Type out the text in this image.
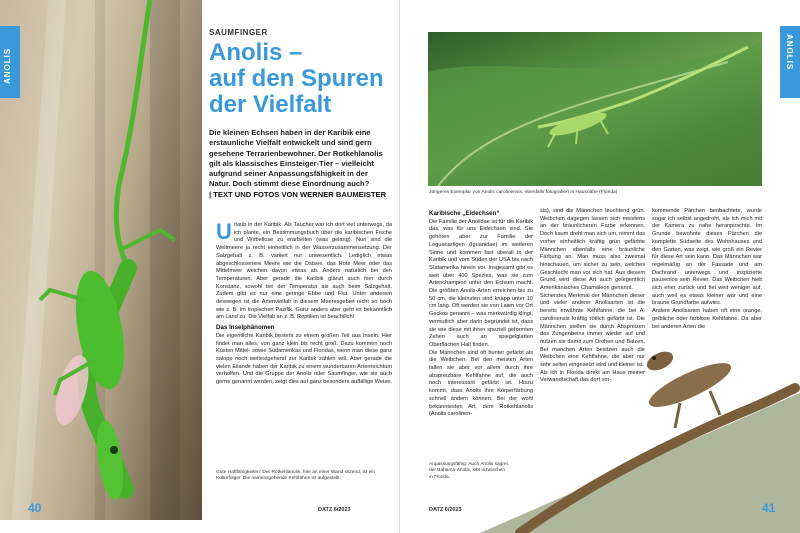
ANOLIS
SAUMFINGER
Anolis –
auf den Spuren
der Vielfalt
Die kleinen Echsen haben in der Karibik eine erstaunliche Vielfalt entwickelt und sind gern gesehene Terrarienbewohner. Der Rotkehlanolis gilt als klassisches Einsteiger-Tier – vielleicht aufgrund seiner Anpassungsfähigkeit in der Natur. Doch stimmt diese Einordnung auch?
| TEXT UND FOTOS VON WERNER BAUMEISTER
U rlaub in der Karibik. Als Taucher war ich dort viel unterwegs, da ich plante, ein Bestimmungsbuch über die karibischen Fische und Wirbellose zu erarbeiten (was gelang). Nun sind die Weltmeere ja recht einheitlich in der Wasserzusammensetzung. Der Salzgehalt z. B. variiert nur unwesentlich. Lediglich etwas abgeschlossenere Meere wie die Ostsee, das Rote Meer oder das Mittelmeer weichen davon etwas ab. Anders natürlich bei den Temperaturen. Aber gerade die Karibik glänzt auch hier durch Konstanz, sowohl bei der Temperatur als auch beim Salzgehalt. Zudem gibt es nur eine geringe Ebbe und Flut. Unter anderem deswegen ist die Artenvielfalt in diesem Meeresgebiet nicht so hoch wie z. B. im tropischen Pazifik. Ganz anders aber geht es bekanntlich am Land zu. Die Vielfalt an z. B. Reptilien ist beachtlich!
Das Inselphänomen
Die eigentliche Karibik besteht zu einem großen Teil aus Inseln. Hier findet man alles, von ganz klein bis recht groß. Dazu kommen noch Küsten Mittel- sowie Südamerikas und Floridas, wenn man diese ganz salopp noch weitestgehend zur Karibik zählen will. Aber gerade die vielen Eilande haben der Karibik zu einem wunderbaren Artenreichtum verholfen. Und die Gruppe der Anolis oder Saumfinger, wie sie auch gerne genannt werden, zeigt dies auf ganz besonders auffällige Weise.
Gute Haftfähigkeiten: Der Rotkehlanolis, hier an einer Wand sitzend, ist ein Kulturfolger. Die namensgebende Kehlfahne ist aufgestellt.
DATZ 6/2023
40
ANOLIS
Jüngeres Exemplar von Anolis carolinensis, ebenfalls fotografiert in Hausnähe (Florida)
Karibische „Eidechsen“
Die Familie der Anolidae ist für die Karibik das, was für uns Eidechsen sind. Sie gehören aber zur Familie der Leguanartigen (Iguanidae) im weiteren Sinne und kommen fast überall in der Karibik und vom Süden der USA bis nach Südamerika hinein vor. Insgesamt gibt es weit über 400 Spezies, was sie zum Artenchampion unter den Echsen macht. Die größten Anolis-Arten erreichen bis zu 50 cm, die kleinsten sind knapp unter 10 cm lang. Oft werden sie von Laien vor Ort Geckos genannt – was merkwürdig klingt, vermutlich aber darin begründet ist, dass sie wie diese mit ihren speziell geformten Zehen auch an spiegelglatten Oberflächen Halt finden.
Die Männchen sind oft bunter gefärbt als die Weibchen. Bei den meisten Arten fallen sie aber vor allem durch ihre abspreizbare Kehlfahne auf, die auch noch interessant gefärbt ist. Hiszu kommt, dass Anolis ihre Körperfärbung schnell ändern können. Bei der wohl bekanntesten Art, dem Rotkehlanolis (Anolis carolinen-
sis), sind die Männchen leuchtend grün. Weibchen dagegen lassen sich meistens an der bräunlicheren Farbe erkennen. Doch kaum dreht man sich um, nimmt das vorher einheitlich kräftig grün gefärbte Männchen ebenfalls eine bräunliche Färbung an. Man muss also zweimal hinschauen, um sicher zu sein, welches Geschlecht man vor sich hat. Aus diesem Grund wird diese Art auch gelegentlich Amerikanisches Chamäleon genannt.
Sicherstes Merkmal der Männchen dieser und vieler anderer Anolisarten ist die bereits erwähnte Kehlfahne, die bei A. carolinensis kräftig rötlich gefärbt ist. Die Männchen stellen sie durch Abspreizen des Zungenbeins immer wieder auf und nutzen sie damit zum Drohen und Balzen. Bei manchen Arten besitzen auch die Weibchen eine Kehlfahne, die aber nur sehr selten eingesetzt wird und kleiner ist.
Als ich in Florida direkt am Haus meiner Verwandtschaft das dort vor-
kommende Pärchen beobachtete, wurde sogar ich selbst angedroht, als ich mich mit der Kamera zu nahe heranpirschte. Im Grunde bewohnte dieses Pärchen die komplette Südseite des Wohnhauses und den Garten, was zeigt, wie groß ein Revier für diese Art sein kann. Das Männchen war regelmäßig an der Fassade und am Dachrand unterwegs und inspizierte pausenlos sein Revier. Das Weibchen hielt sich eher zurück und fiel weit weniger auf, auch weil es etwas kleiner war und eine braune Grundfarbe aufwies.
Andere Anolisarten haben oft eine orange, gelbliche oder farblose Kehlfahne. Da aber bei anderen Arten die
Anpassungsfähig: Auch Anolis sagrei, der Bahama-Anolis, lebt inzwischen in Florida.
DATZ 6/2023	41
